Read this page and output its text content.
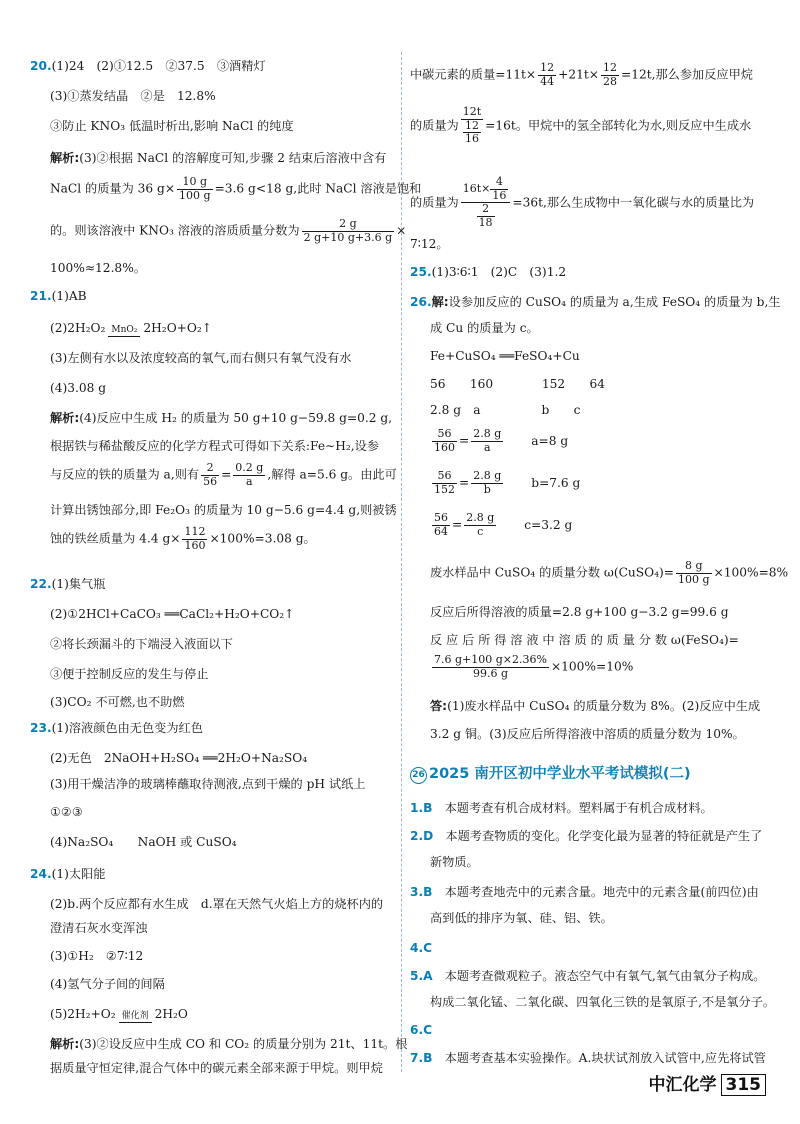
20.(1)24　(2)①12.5　②37.5　③酒精灯
(3)①蒸发结晶　②是　12.8%
③防止 KNO₃ 低温时析出,影响 NaCl 的纯度
解析:(3)②根据 NaCl 的溶解度可知,步骤 2 结束后溶液中含有
NaCl 的质量为 36 $g\times \frac{10 g}{100 g} =3.6$ g<18 g,此时 NaCl 溶液是饱和
的。则该溶液中 KNO₃ 溶液的溶质质量分数为 $\frac{2 g}{2 g+10 g+3.6 g}$ ×
100%≈12.8%。
21.(1)AB
(2)2H₂O₂ MnO₂ 2H₂O+O₂↑
(3)左侧有水以及浓度较高的氧气,而右侧只有氧气没有水
(4)3.08 g
解析:(4)反应中生成 H₂ 的质量为 50 g+10 g−59.8 g=0.2 g,
根据铁与稀盐酸反应的化学方程式可得如下关系:Fe∼H₂,设参
与反应的铁的质量为 a,则有 $\frac{2}{56} = \frac{0.2 g}{a}$ ,解得 a=5.6 g。由此可
计算出锈蚀部分,即 Fe₂O₃ 的质量为 10 g−5.6 g=4.4 g,则被锈
蚀的铁丝质量为 4.4 $g\times \frac{112}{160} \times 100\%=3.08$ g。
22.(1)集气瓶
(2)①2HCl+CaCO₃ ══CaCl₂+H₂O+CO₂↑
②将长颈漏斗的下端浸入液面以下
③便于控制反应的发生与停止
(3)CO₂ 不可燃,也不助燃
23.(1)溶液颜色由无色变为红色
(2)无色　2NaOH+H₂SO₄ ══2H₂O+Na₂SO₄
(3)用干燥洁净的玻璃棒蘸取待测液,点到干燥的 pH 试纸上
①②③
(4)Na₂SO₄　　NaOH 或 CuSO₄
24.(1)太阳能
(2)b.两个反应都有水生成　d.罩在天然气火焰上方的烧杯内的
澄清石灰水变浑浊
(3)①H₂　②7∶12
(4)氢气分子间的间隔
(5)2H₂+O₂ 催化剂 2H₂O
解析:(3)②设反应中生成 CO 和 CO₂ 的质量分别为 21t、11t。根
据质量守恒定律,混合气体中的碳元素全部来源于甲烷。则甲烷
中碳元素的质量$=11t\times \frac{12}{44} +21t\times \frac{12}{28} =12t$,那么参加反应甲烷
的质量为 $\frac{12t}{\frac{12}{16}} =16t$。甲烷中的氢全部转化为水,则反应中生成水
的质量为 $\frac{16t\times \frac{4}{16}}{\frac{2}{18}} =36t$,那么生成物中一氧化碳与水的质量比为
7∶12。
25.(1)3∶6∶1　(2)C　(3)1.2
26.解:设参加反应的 CuSO₄ 的质量为 a,生成 FeSO₄ 的质量为 b,生
成 Cu 的质量为 c。
Fe+CuSO₄ ══FeSO₄+Cu
56　　160　　　　152　　64
2.8 g　a　　　　　b　　c
$\frac{56}{160} = \frac{2.8 g}{a} a=8$ g
$\frac{56}{152} = \frac{2.8 g}{b} b=7.6$ g
$\frac{56}{64} = \frac{2.8 g}{c} c=3.2$ g
废水样品中 CuSO₄ 的质量分数 ω(CuSO₄)= $\frac{8 g}{100 g} \times 100\%=8\%$
反应后所得溶液的质量=2.8 g+100 g−3.2 g=99.6 g
反 应 后 所 得 溶 液 中 溶 质 的 质 量 分 数 ω(FeSO₄)=
$\frac{7.6 g+100 g\times 2.36\%}{99.6 g} \times 100\%=10\%$
答:(1)废水样品中 CuSO₄ 的质量分数为 8%。(2)反应中生成
3.2 g 铜。(3)反应后所得溶液中溶质的质量分数为 10%。
26 2025 南开区初中学业水平考试模拟(二)
1.B　本题考查有机合成材料。塑料属于有机合成材料。
2.D　本题考查物质的变化。化学变化最为显著的特征就是产生了
新物质。
3.B　本题考查地壳中的元素含量。地壳中的元素含量(前四位)由
高到低的排序为氧、硅、铝、铁。
4.C
5.A　本题考查微观粒子。液态空气中有氧气,氧气由氧分子构成。
构成二氧化锰、二氧化碳、四氧化三铁的是氧原子,不是氧分子。
6.C
7.B　本题考查基本实验操作。A.块状试剂放入试管中,应先将试管
中汇化学 315
